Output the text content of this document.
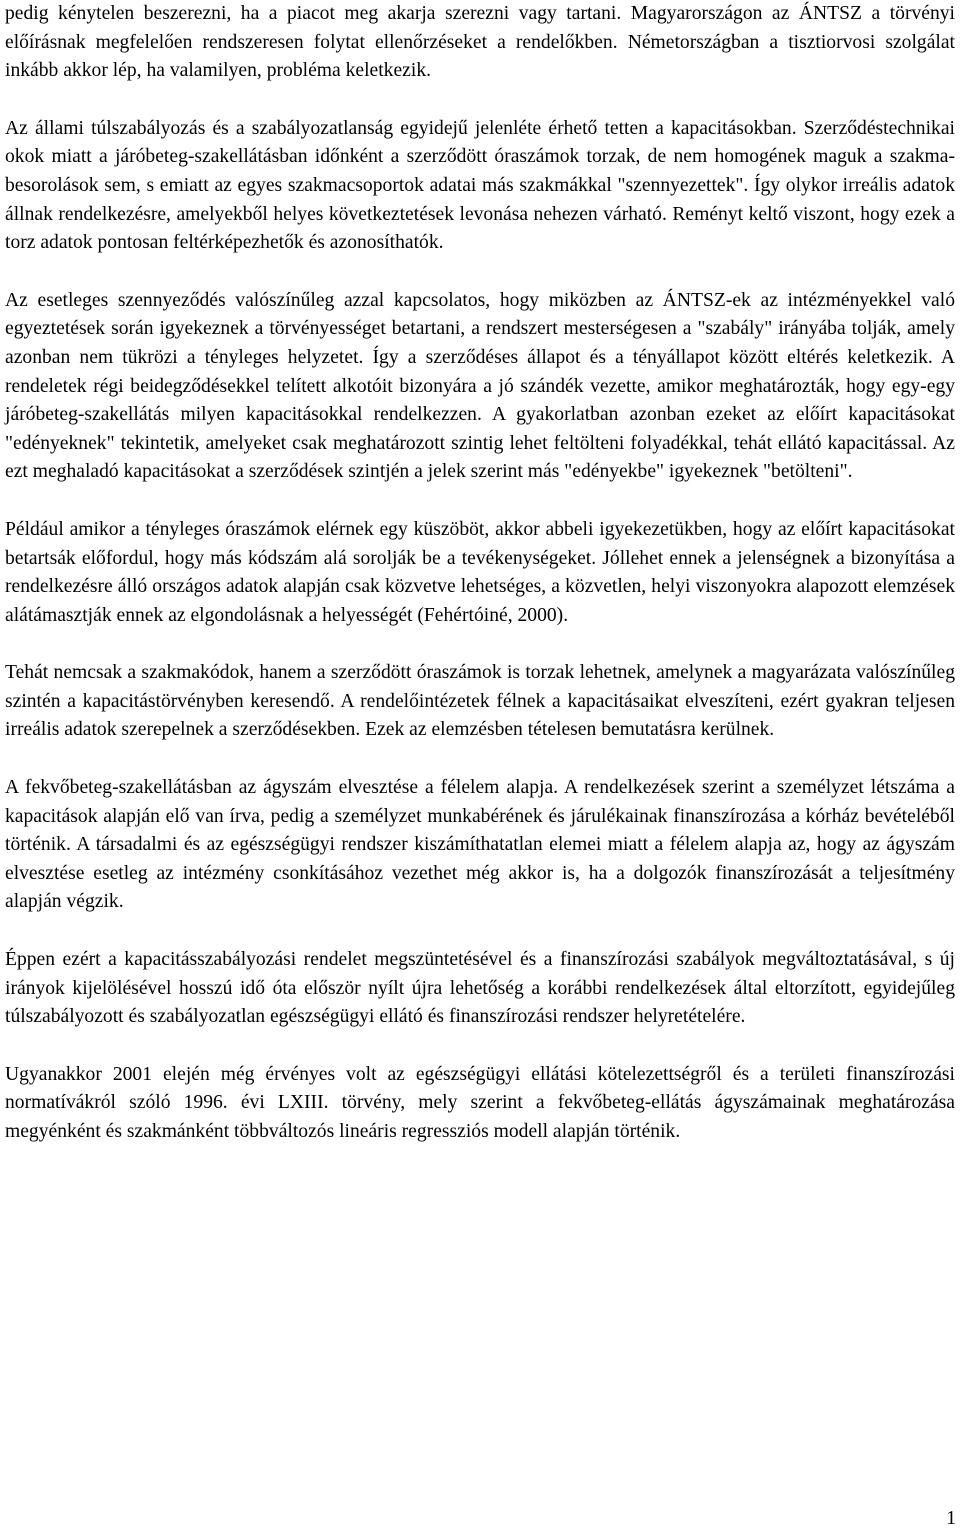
pedig kénytelen beszerezni, ha a piacot meg akarja szerezni vagy tartani. Magyarországon az ÁNTSZ a törvényi előírásnak megfelelően rendszeresen folytat ellenőrzéseket a rendelőkben. Németországban a tisztiorvosi szolgálat inkább akkor lép, ha valamilyen, probléma keletkezik.

Az állami túlszabályozás és a szabályozatlanság egyidejű jelenléte érhető tetten a kapacitásokban. Szerződéstechnikai okok miatt a járóbeteg-szakellátásban időnként a szerződött óraszámok torzak, de nem homogének maguk a szakma-besorolások sem, s emiatt az egyes szakmacsoportok adatai más szakmákkal "szennyezettek". Így olykor irreális adatok állnak rendelkezésre, amelyekből helyes következtetések levonása nehezen várható. Reményt keltő viszont, hogy ezek a torz adatok pontosan feltérképezhetők és azonosíthatók.

Az esetleges szennyeződés valószínűleg azzal kapcsolatos, hogy miközben az ÁNTSZ-ek az intézményekkel való egyeztetések során igyekeznek a törvényességet betartani, a rendszert mesterségesen a "szabály" irányába tolják, amely azonban nem tükrözi a tényleges helyzetet. Így a szerződéses állapot és a tényállapot között eltérés keletkezik. A rendeletek régi beidegződésekkel telített alkotóit bizonyára a jó szándék vezette, amikor meghatározták, hogy egy-egy járóbeteg-szakellátás milyen kapacitásokkal rendelkezzen. A gyakorlatban azonban ezeket az előírt kapacitásokat "edényeknek" tekintetik, amelyeket csak meghatározott szintig lehet feltölteni folyadékkal, tehát ellátó kapacitással. Az ezt meghaladó kapacitásokat a szerződések szintjén a jelek szerint más "edényekbe" igyekeznek "betölteni".

Például amikor a tényleges óraszámok elérnek egy küszöböt, akkor abbeli igyekezetükben, hogy az előírt kapacitásokat betartsák előfordul, hogy más kódszám alá sorolják be a tevékenységeket. Jóllehet ennek a jelenségnek a bizonyítása a rendelkezésre álló országos adatok alapján csak közvetve lehetséges, a közvetlen, helyi viszonyokra alapozott elemzések alátámasztják ennek az elgondolásnak a helyességét (Fehértóiné, 2000).

Tehát nemcsak a szakmakódok, hanem a szerződött óraszámok is torzak lehetnek, amelynek a magyarázata valószínűleg szintén a kapacitástörvényben keresendő. A rendelőintézetek félnek a kapacitásaikat elveszíteni, ezért gyakran teljesen irreális adatok szerepelnek a szerződésekben. Ezek az elemzésben tételesen bemutatásra kerülnek.

A fekvőbeteg-szakellátásban az ágyszám elvesztése a félelem alapja. A rendelkezések szerint a személyzet létszáma a kapacitások alapján elő van írva, pedig a személyzet munkabérének és járulékainak finanszírozása a kórház bevételéből történik. A társadalmi és az egészségügyi rendszer kiszámíthatatlan elemei miatt a félelem alapja az, hogy az ágyszám elvesztése esetleg az intézmény csonkításához vezethet még akkor is, ha a dolgozók finanszírozását a teljesítmény alapján végzik.

Éppen ezért a kapacitásszabályozási rendelet megszüntetésével és a finanszírozási szabályok megváltoztatásával, s új irányok kijelölésével hosszú idő óta először nyílt újra lehetőség a korábbi rendelkezések által eltorzított, egyidejűleg túlszabályozott és szabályozatlan egészségügyi ellátó és finanszírozási rendszer helyretételére.

Ugyanakkor 2001 elején még érvényes volt az egészségügyi ellátási kötelezettségről és a területi finanszírozási normatívákról szóló 1996. évi LXIII. törvény, mely szerint a fekvőbeteg-ellátás ágyszámainak meghatározása megyénként és szakmánként többváltozós lineáris regressziós modell alapján történik.

1
